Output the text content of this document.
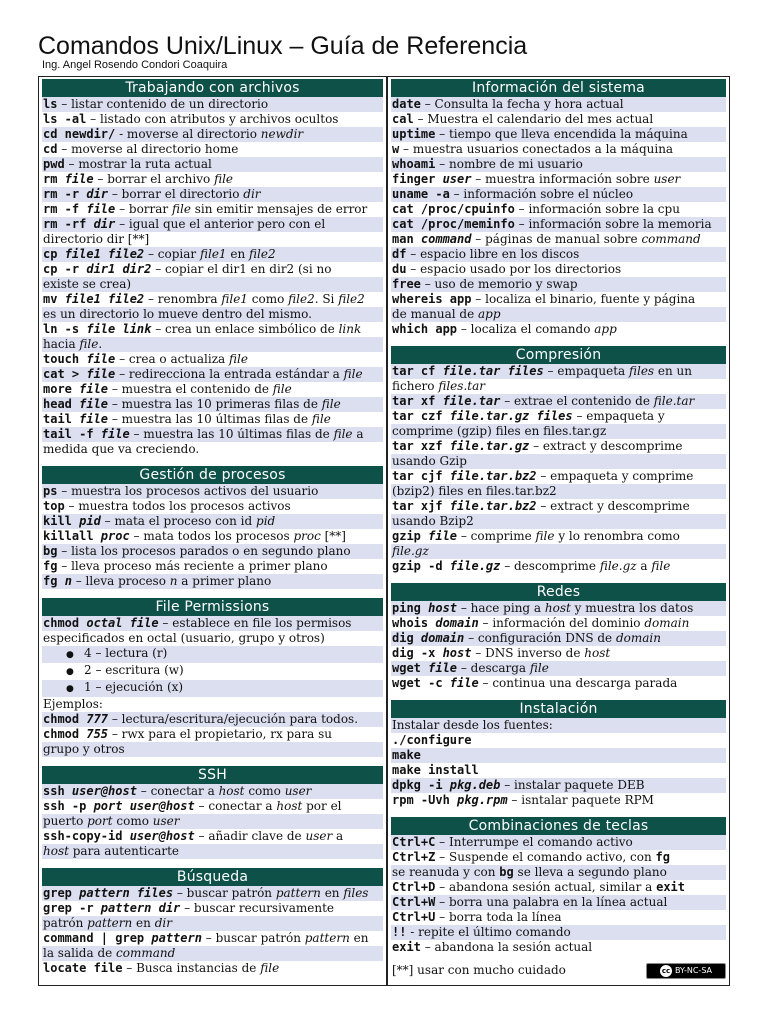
Comandos Unix/Linux – Guía de Referencia
Ing. Angel Rosendo Condori Coaquira
Trabajando con archivos
ls – listar contenido de un directorio
ls -al – listado con atributos y archivos ocultos
cd newdir/ - moverse al directorio newdir
cd – moverse al directorio home
pwd – mostrar la ruta actual
rm file – borrar el archivo file
rm -r dir – borrar el directorio dir
rm -f file – borrar file sin emitir mensajes de error
rm -rf dir – igual que el anterior pero con el
directorio dir [**]
cp file1 file2 – copiar file1 en file2
cp -r dir1 dir2 – copiar el dir1 en dir2 (si no
existe se crea)
mv file1 file2 – renombra file1 como file2. Si file2
es un directorio lo mueve dentro del mismo.
ln -s file link – crea un enlace simbólico de link
hacia file.
touch file – crea o actualiza file
cat > file – redirecciona la entrada estándar a file
more file – muestra el contenido de file
head file – muestra las 10 primeras filas de file
tail file – muestra las 10 últimas filas de file
tail -f file – muestra las 10 últimas filas de file a
medida que va creciendo.
Gestión de procesos
ps – muestra los procesos activos del usuario
top – muestra todos los procesos activos
kill pid – mata el proceso con id pid
killall proc – mata todos los procesos proc [**]
bg – lista los procesos parados o en segundo plano
fg – lleva proceso más reciente a primer plano
fg n – lleva proceso n a primer plano
File Permissions
chmod octal file – establece en file los permisos
especificados en octal (usuario, grupo y otros)
● 4 – lectura (r)
● 2 – escritura (w)
● 1 – ejecución (x)
Ejemplos:
chmod 777 – lectura/escritura/ejecución para todos.
chmod 755 – rwx para el propietario, rx para su
grupo y otros
SSH
ssh user@host – conectar a host como user
ssh -p port user@host – conectar a host por el
puerto port como user
ssh-copy-id user@host – añadir clave de user a
host para autenticarte
Búsqueda
grep pattern files – buscar patrón pattern en files
grep -r pattern dir – buscar recursivamente
patrón pattern en dir
command | grep pattern – buscar patrón pattern en
la salida de command
locate file – Busca instancias de file
Información del sistema
date – Consulta la fecha y hora actual
cal – Muestra el calendario del mes actual
uptime – tiempo que lleva encendida la máquina
w – muestra usuarios conectados a la máquina
whoami – nombre de mi usuario
finger user – muestra información sobre user
uname -a – información sobre el núcleo
cat /proc/cpuinfo – información sobre la cpu
cat /proc/meminfo – información sobre la memoria
man command – páginas de manual sobre command
df – espacio libre en los discos
du – espacio usado por los directorios
free – uso de memorio y swap
whereis app – localiza el binario, fuente y página
de manual de app
which app – localiza el comando app
Compresión
tar cf file.tar files – empaqueta files en un
fichero files.tar
tar xf file.tar – extrae el contenido de file.tar
tar czf file.tar.gz files – empaqueta y
comprime (gzip) files en files.tar.gz
tar xzf file.tar.gz – extract y descomprime
usando Gzip
tar cjf file.tar.bz2 – empaqueta y comprime
(bzip2) files en files.tar.bz2
tar xjf file.tar.bz2 – extract y descomprime
usando Bzip2
gzip file – comprime file y lo renombra como
file.gz
gzip -d file.gz – descomprime file.gz a file
Redes
ping host – hace ping a host y muestra los datos
whois domain – información del dominio domain
dig domain – configuración DNS de domain
dig -x host – DNS inverso de host
wget file – descarga file
wget -c file – continua una descarga parada
Instalación
Instalar desde los fuentes:
./configure
make
make install
dpkg -i pkg.deb – instalar paquete DEB
rpm -Uvh pkg.rpm – isntalar paquete RPM
Combinaciones de teclas
Ctrl+C – Interrumpe el comando activo
Ctrl+Z – Suspende el comando activo, con fg
se reanuda y con bg se lleva a segundo plano
Ctrl+D – abandona sesión actual, similar a exit
Ctrl+W – borra una palabra en la línea actual
Ctrl+U – borra toda la línea
!! - repite el último comando
exit – abandona la sesión actual
[**] usar con mucho cuidado	cc BY-NC-SA
